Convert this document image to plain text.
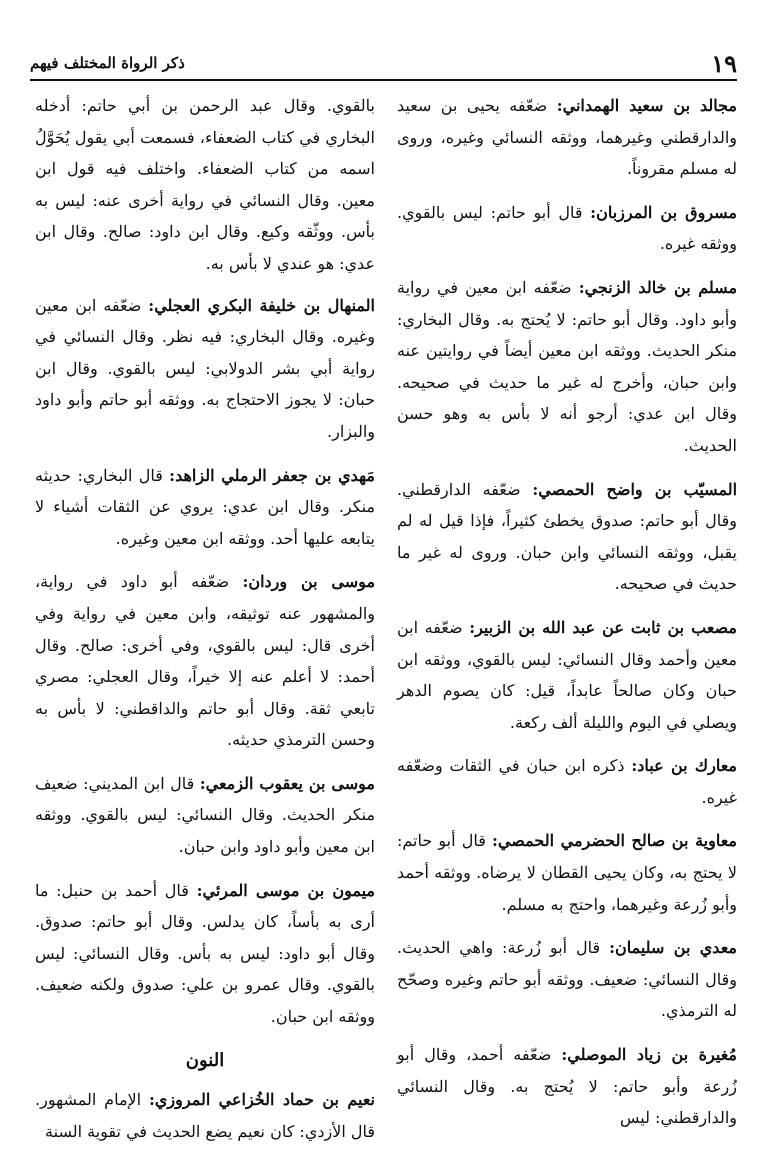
ذكر الرواة المختلف فيهم	١٩

مجالد بن سعيد الهمداني: ضعّفه يحيى بن سعيد والدارقطني وغيرهما، ووثقه النسائي وغيره، وروى له مسلم مقروناً.

مسروق بن المرزبان: قال أبو حاتم: ليس بالقوي. ووثقه غيره.

مسلم بن خالد الزنجي: ضعّفه ابن معين في رواية وأبو داود. وقال أبو حاتم: لا يُحتج به. وقال البخاري: منكر الحديث. ووثقه ابن معين أيضاً في روايتين عنه وابن حبان، وأخرج له غير ما حديث في صحيحه. وقال ابن عدي: أرجو أنه لا بأس به وهو حسن الحديث.

المسيّب بن واضح الحمصي: ضعّفه الدارقطني. وقال أبو حاتم: صدوق يخطئ كثيراً، فإذا قيل له لم يقبل، ووثقه النسائي وابن حبان. وروى له غير ما حديث في صحيحه.

مصعب بن ثابت عن عبد الله بن الزبير: ضعّفه ابن معين وأحمد وقال النسائي: ليس بالقوي، ووثقه ابن حبان وكان صالحاً عابداً، قيل: كان يصوم الدهر ويصلي في اليوم والليلة ألف ركعة.

معارك بن عباد: ذكره ابن حبان في الثقات وضعّفه غيره.

معاوية بن صالح الحضرمي الحمصي: قال أبو حاتم: لا يحتج به، وكان يحيى القطان لا يرضاه. ووثقه أحمد وأبو زُرعة وغيرهما، واحتج به مسلم.

معدي بن سليمان: قال أبو زُرعة: واهي الحديث. وقال النسائي: ضعيف. ووثقه أبو حاتم وغيره وصحّح له الترمذي.

مُغيرة بن زياد الموصلي: ضعّفه أحمد، وقال أبو زُرعة وأبو حاتم: لا يُحتج به. وقال النسائي والدارقطني: ليس

بالقوي. وقال عبد الرحمن بن أبي حاتم: أدخله البخاري في كتاب الضعفاء، فسمعت أبي يقول يُحَوَّلُ اسمه من كتاب الضعفاء. واختلف فيه قول ابن معين. وقال النسائي في رواية أخرى عنه: ليس به بأس. ووثّقه وكيع. وقال ابن داود: صالح. وقال ابن عدي: هو عندي لا بأس به.

المنهال بن خليفة البكري العجلي: ضعّفه ابن معين وغيره. وقال البخاري: فيه نظر. وقال النسائي في رواية أبي بشر الدولابي: ليس بالقوي. وقال ابن حبان: لا يجوز الاحتجاج به. ووثقه أبو حاتم وأبو داود والبزار.

مَهدي بن جعفر الرملي الزاهد: قال البخاري: حديثه منكر. وقال ابن عدي: يروي عن الثقات أشياء لا يتابعه عليها أحد. ووثقه ابن معين وغيره.

موسى بن وردان: ضعّفه أبو داود في رواية، والمشهور عنه توثيقه، وابن معين في رواية وفي أخرى قال: ليس بالقوي، وفي أخرى: صالح. وقال أحمد: لا أعلم عنه إلا خيراً، وقال العجلي: مصري تابعي ثقة. وقال أبو حاتم والداقطني: لا بأس به وحسن الترمذي حديثه.

موسى بن يعقوب الزمعي: قال ابن المديني: ضعيف منكر الحديث. وقال النسائي: ليس بالقوي. ووثقه ابن معين وأبو داود وابن حبان.

ميمون بن موسى المرئي: قال أحمد بن حنبل: ما أرى به بأساً، كان يدلس. وقال أبو حاتم: صدوق. وقال أبو داود: ليس به بأس. وقال النسائي: ليس بالقوي. وقال عمرو بن علي: صدوق ولكنه ضعيف. ووثقه ابن حبان.

النون

نعيم بن حماد الخُزاعي المروزي: الإمام المشهور. قال الأزدي: كان نعيم يضع الحديث في تقوية السنة
